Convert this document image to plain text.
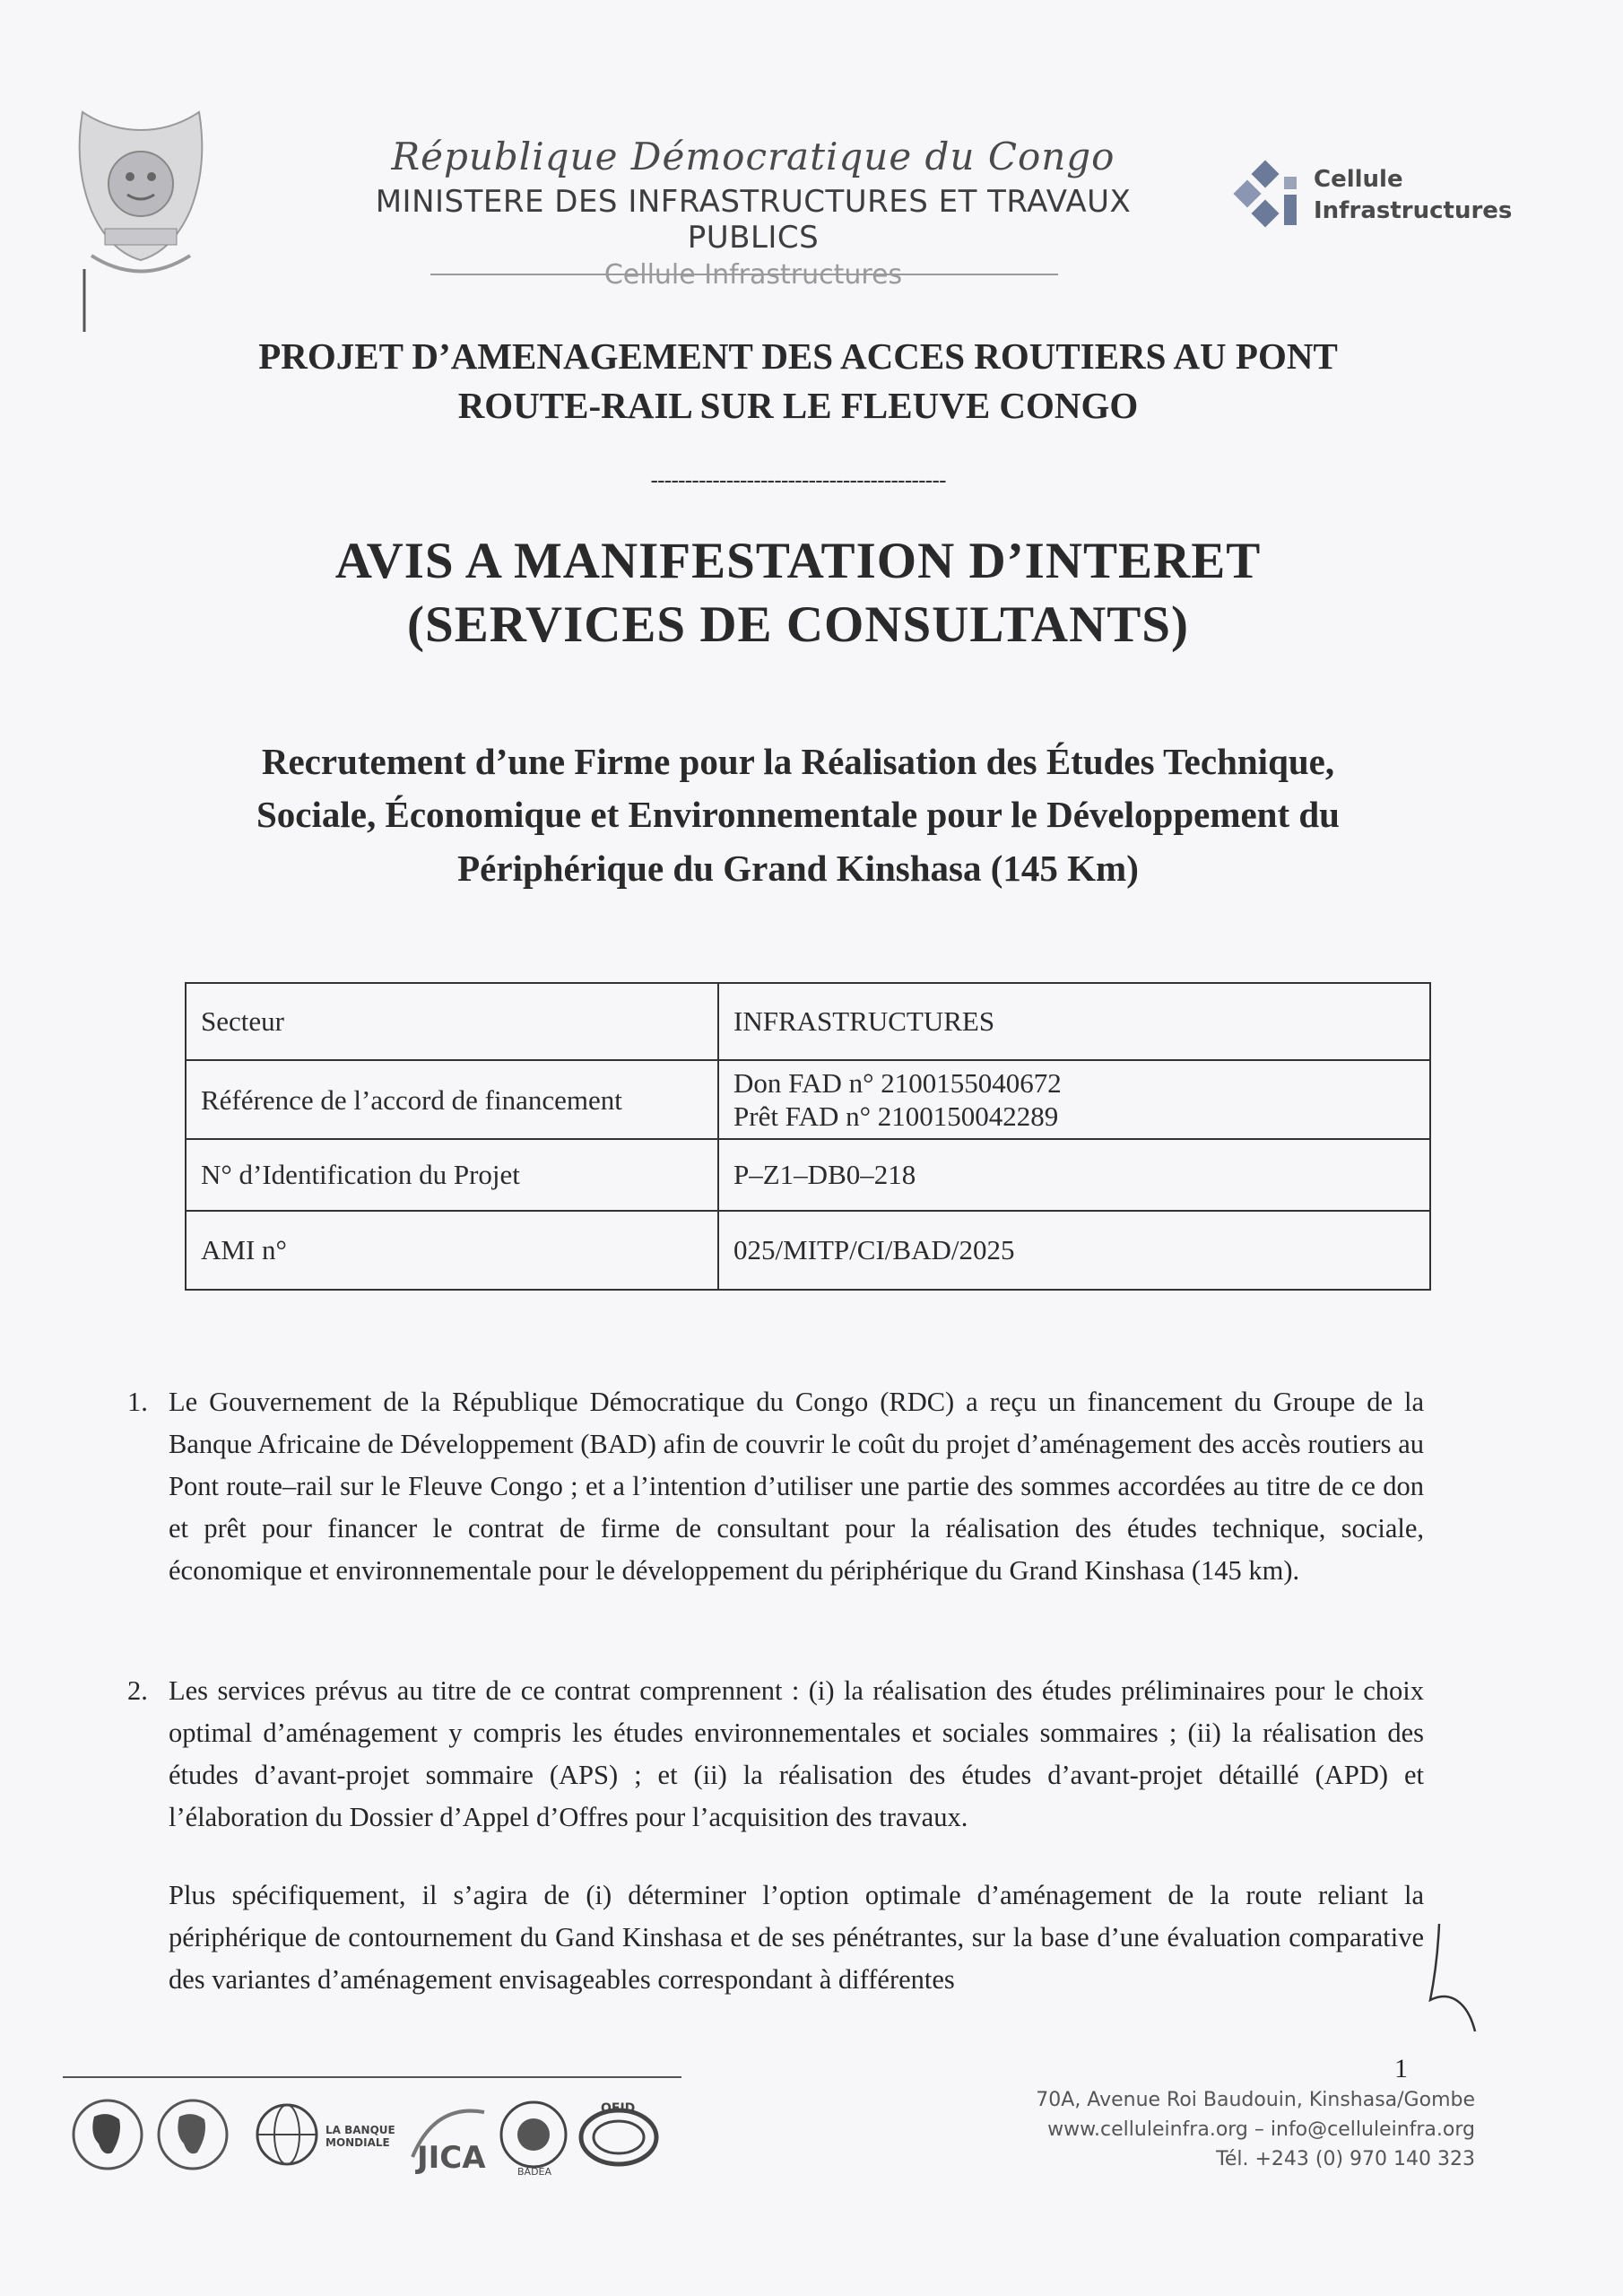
République Démocratique du Congo
MINISTERE DES INFRASTRUCTURES ET TRAVAUX PUBLICS
Cellule Infrastructures
Cellule
Infrastructures
PROJET D’AMENAGEMENT DES ACCES ROUTIERS AU PONT
ROUTE-RAIL SUR LE FLEUVE CONGO
-------------------------------------------
AVIS A MANIFESTATION D’INTERET
(SERVICES DE CONSULTANTS)
Recrutement d’une Firme pour la Réalisation des Études Technique,
Sociale, Économique et Environnementale pour le Développement du
Périphérique du Grand Kinshasa (145 Km)
Secteur	INFRASTRUCTURES
Référence de l’accord de financement	Don FAD n° 2100155040672
Prêt FAD n° 2100150042289

N° d’Identification du Projet	P–Z1–DB0–218
AMI n°	025/MITP/CI/BAD/2025
1. Le Gouvernement de la République Démocratique du Congo (RDC) a reçu un financement du Groupe de la Banque Africaine de Développement (BAD) afin de couvrir le coût du projet d’aménagement des accès routiers au Pont route–rail sur le Fleuve Congo ; et a l’intention d’utiliser une partie des sommes accordées au titre de ce don et prêt pour financer le contrat de firme de consultant pour la réalisation des études technique, sociale, économique et environnementale pour le développement du périphérique du Grand Kinshasa (145 km).
2. Les services prévus au titre de ce contrat comprennent : (i) la réalisation des études préliminaires pour le choix optimal d’aménagement y compris les études environnementales et sociales sommaires ; (ii) la réalisation des études d’avant-projet sommaire (APS) ; et (ii) la réalisation des études d’avant-projet détaillé (APD) et l’élaboration du Dossier d’Appel d’Offres pour l’acquisition des travaux.
Plus spécifiquement, il s’agira de (i) déterminer l’option optimale d’aménagement de la route reliant la périphérique de contournement du Gand Kinshasa et de ses pénétrantes, sur la base d’une évaluation comparative des variantes d’aménagement envisageables correspondant à différentes
LA BANQUE
MONDIALE JICA	BADEA
OFID
1
70A, Avenue Roi Baudouin, Kinshasa/Gombe
www.celluleinfra.org – info@celluleinfra.org
Tél. +243 (0) 970 140 323
